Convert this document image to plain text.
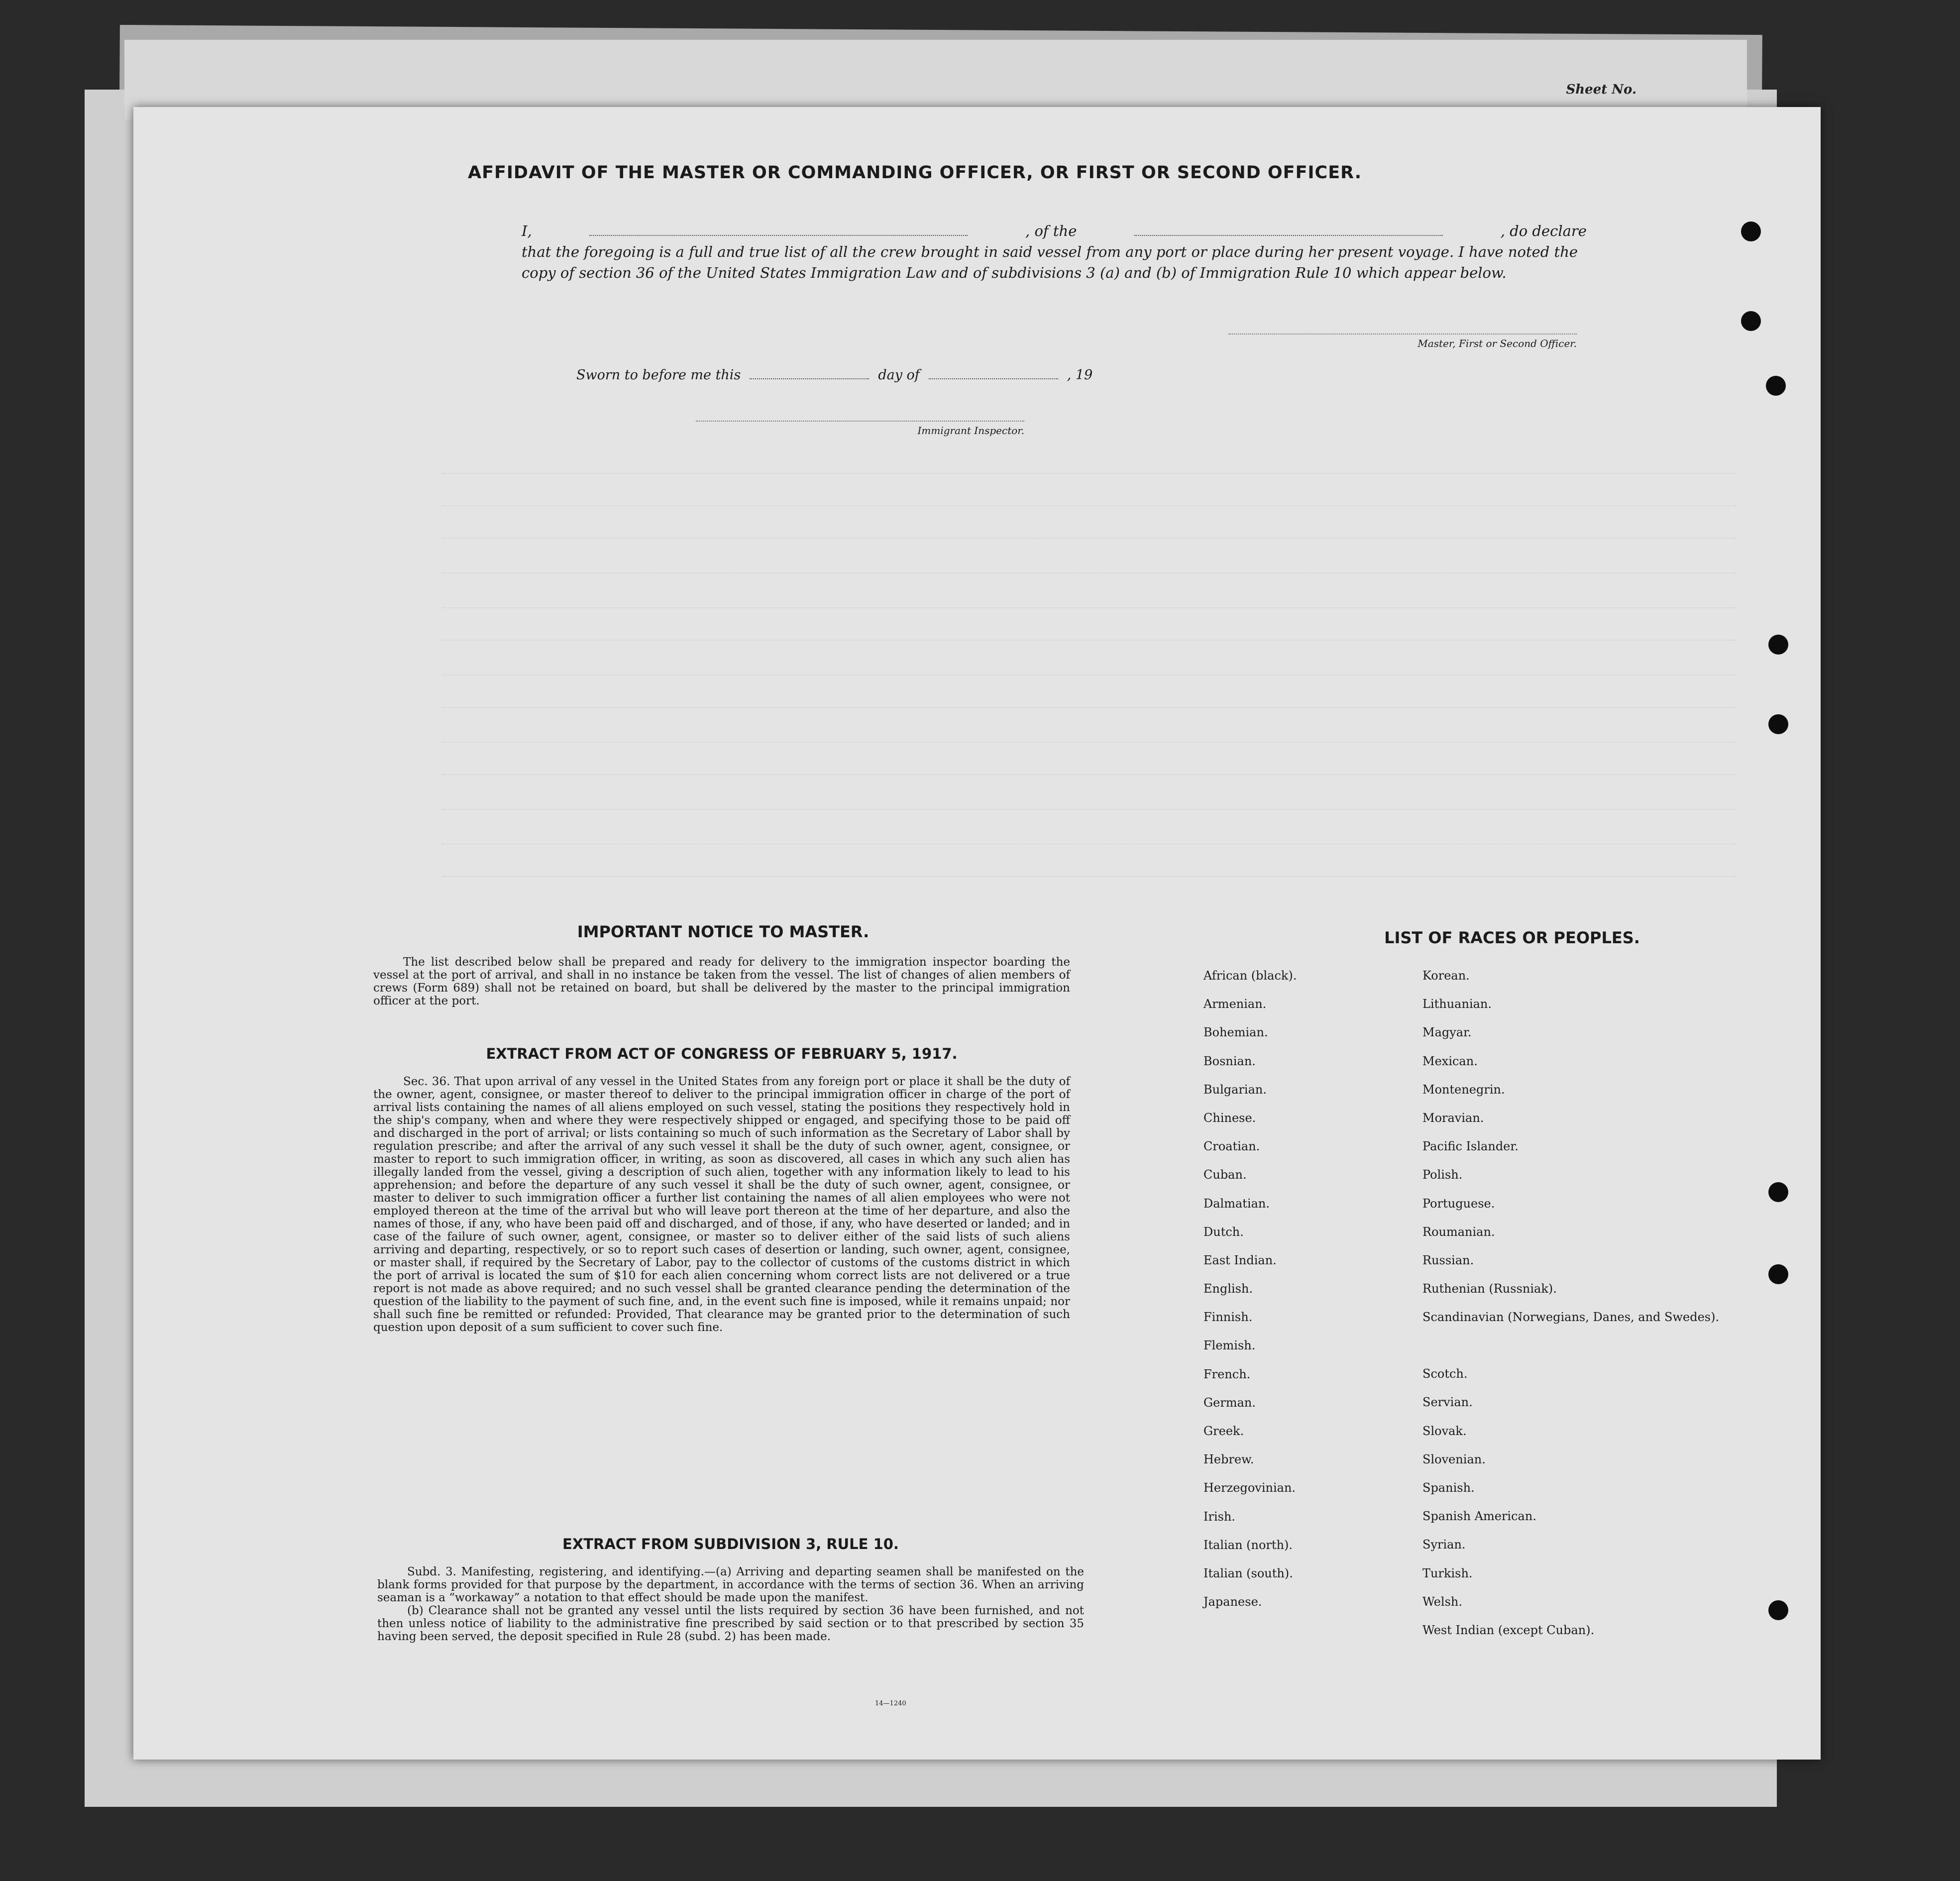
Sheet No.
AFFIDAVIT OF THE MASTER OR COMMANDING OFFICER, OR FIRST OR SECOND OFFICER.
I,	, of the	, do declare
that the foregoing is a full and true list of all the crew brought in said vessel from any port or place during her present voyage. I have noted the copy of section 36 of the United States Immigration Law and of subdivisions 3 (a) and (b) of Immigration Rule 10 which appear below.
Master, First or Second Officer.
Sworn to before me this	day of	, 19
Immigrant Inspector.
IMPORTANT NOTICE TO MASTER.
The list described below shall be prepared and ready for delivery to the immigration inspector boarding the vessel at the port of arrival, and shall in no instance be taken from the vessel. The list of changes of alien members of crews (Form 689) shall not be retained on board, but shall be delivered by the master to the principal immigration officer at the port.
EXTRACT FROM ACT OF CONGRESS OF FEBRUARY 5, 1917.
Sec. 36. That upon arrival of any vessel in the United States from any foreign port or place it shall be the duty of the owner, agent, consignee, or master thereof to deliver to the principal immigration officer in charge of the port of arrival lists containing the names of all aliens employed on such vessel, stating the positions they respectively hold in the ship's company, when and where they were respectively shipped or engaged, and specifying those to be paid off and discharged in the port of arrival; or lists containing so much of such information as the Secretary of Labor shall by regulation prescribe; and after the arrival of any such vessel it shall be the duty of such owner, agent, consignee, or master to report to such immigration officer, in writing, as soon as discovered, all cases in which any such alien has illegally landed from the vessel, giving a description of such alien, together with any information likely to lead to his apprehension; and before the departure of any such vessel it shall be the duty of such owner, agent, consignee, or master to deliver to such immigration officer a further list containing the names of all alien employees who were not employed thereon at the time of the arrival but who will leave port thereon at the time of her departure, and also the names of those, if any, who have been paid off and discharged, and of those, if any, who have deserted or landed; and in case of the failure of such owner, agent, consignee, or master so to deliver either of the said lists of such aliens arriving and departing, respectively, or so to report such cases of desertion or landing, such owner, agent, consignee, or master shall, if required by the Secretary of Labor, pay to the collector of customs of the customs district in which the port of arrival is located the sum of $10 for each alien concerning whom correct lists are not delivered or a true report is not made as above required; and no such vessel shall be granted clearance pending the determination of the question of the liability to the payment of such fine, and, in the event such fine is imposed, while it remains unpaid; nor shall such fine be remitted or refunded: Provided, That clearance may be granted prior to the determination of such question upon deposit of a sum sufficient to cover such fine.
EXTRACT FROM SUBDIVISION 3, RULE 10.

Subd. 3. Manifesting, registering, and identifying.—(a) Arriving and departing seamen shall be manifested on the blank forms provided for that purpose by the department, in accordance with the terms of section 36. When an arriving seaman is a “workaway” a notation to that effect should be made upon the manifest.

(b) Clearance shall not be granted any vessel until the lists required by section 36 have been furnished, and not then unless notice of liability to the administrative fine prescribed by said section or to that prescribed by section 35 having been served, the deposit specified in Rule 28 (subd. 2) has been made.

14—1240
LIST OF RACES OR PEOPLES.
African (black).
Armenian.
Bohemian.
Bosnian.
Bulgarian.
Chinese.
Croatian.
Cuban.
Dalmatian.
Dutch.
East Indian.
English.
Finnish.
Flemish.
French.
German.
Greek.
Hebrew.
Herzegovinian.
Irish.
Italian (north).
Italian (south).
Japanese.
Korean.
Lithuanian.
Magyar.
Mexican.
Montenegrin.
Moravian.
Pacific Islander.
Polish.
Portuguese.
Roumanian.
Russian.
Ruthenian (Russniak).
Scandinavian (Norwegians, Danes, and Swedes).
Scotch.
Servian.
Slovak.
Slovenian.
Spanish.
Spanish American.
Syrian.
Turkish.
Welsh.
West Indian (except Cuban).
